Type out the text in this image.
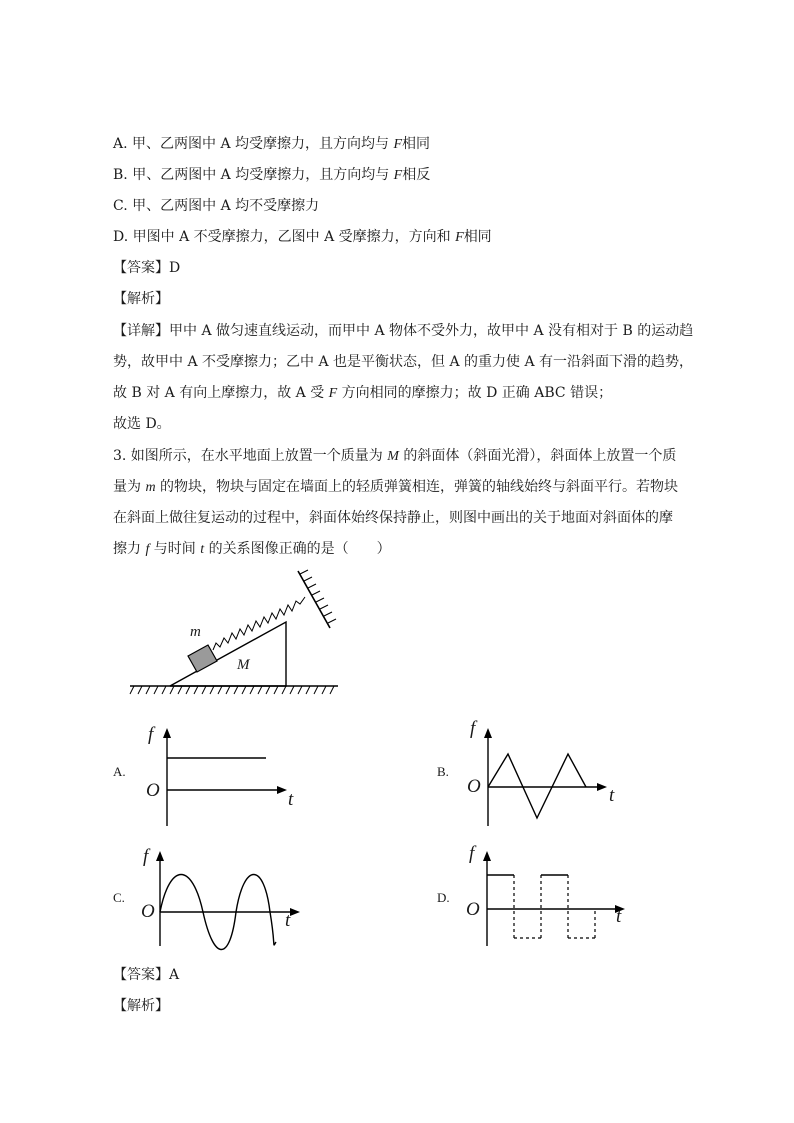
A. 甲、乙两图中 A 均受摩擦力，且方向均与 F相同
B. 甲、乙两图中 A 均受摩擦力，且方向均与 F相反
C. 甲、乙两图中 A 均不受摩擦力
D. 甲图中 A 不受摩擦力，乙图中 A 受摩擦力，方向和 F相同
【答案】D
【解析】
【详解】甲中 A 做匀速直线运动，而甲中 A 物体不受外力，故甲中 A 没有相对于 B 的运动趋
势，故甲中 A 不受摩擦力；乙中 A 也是平衡状态，但 A 的重力使 A 有一沿斜面下滑的趋势，
故 B 对 A 有向上摩擦力，故 A 受 F 方向相同的摩擦力；故 D 正确 ABC 错误；
故选 D。
3. 如图所示，在水平地面上放置一个质量为 M 的斜面体（斜面光滑），斜面体上放置一个质
量为 m 的物块，物块与固定在墙面上的轻质弹簧相连，弹簧的轴线始终与斜面平行。若物块
在斜面上做往复运动的过程中，斜面体始终保持静止，则图中画出的关于地面对斜面体的摩
擦力 f 与时间 t 的关系图像正确的是（　　）
m
M
A.
f
O	t
B.
f
O	t
C.
f
O	t
D.
f
O	t
【答案】A
【解析】
